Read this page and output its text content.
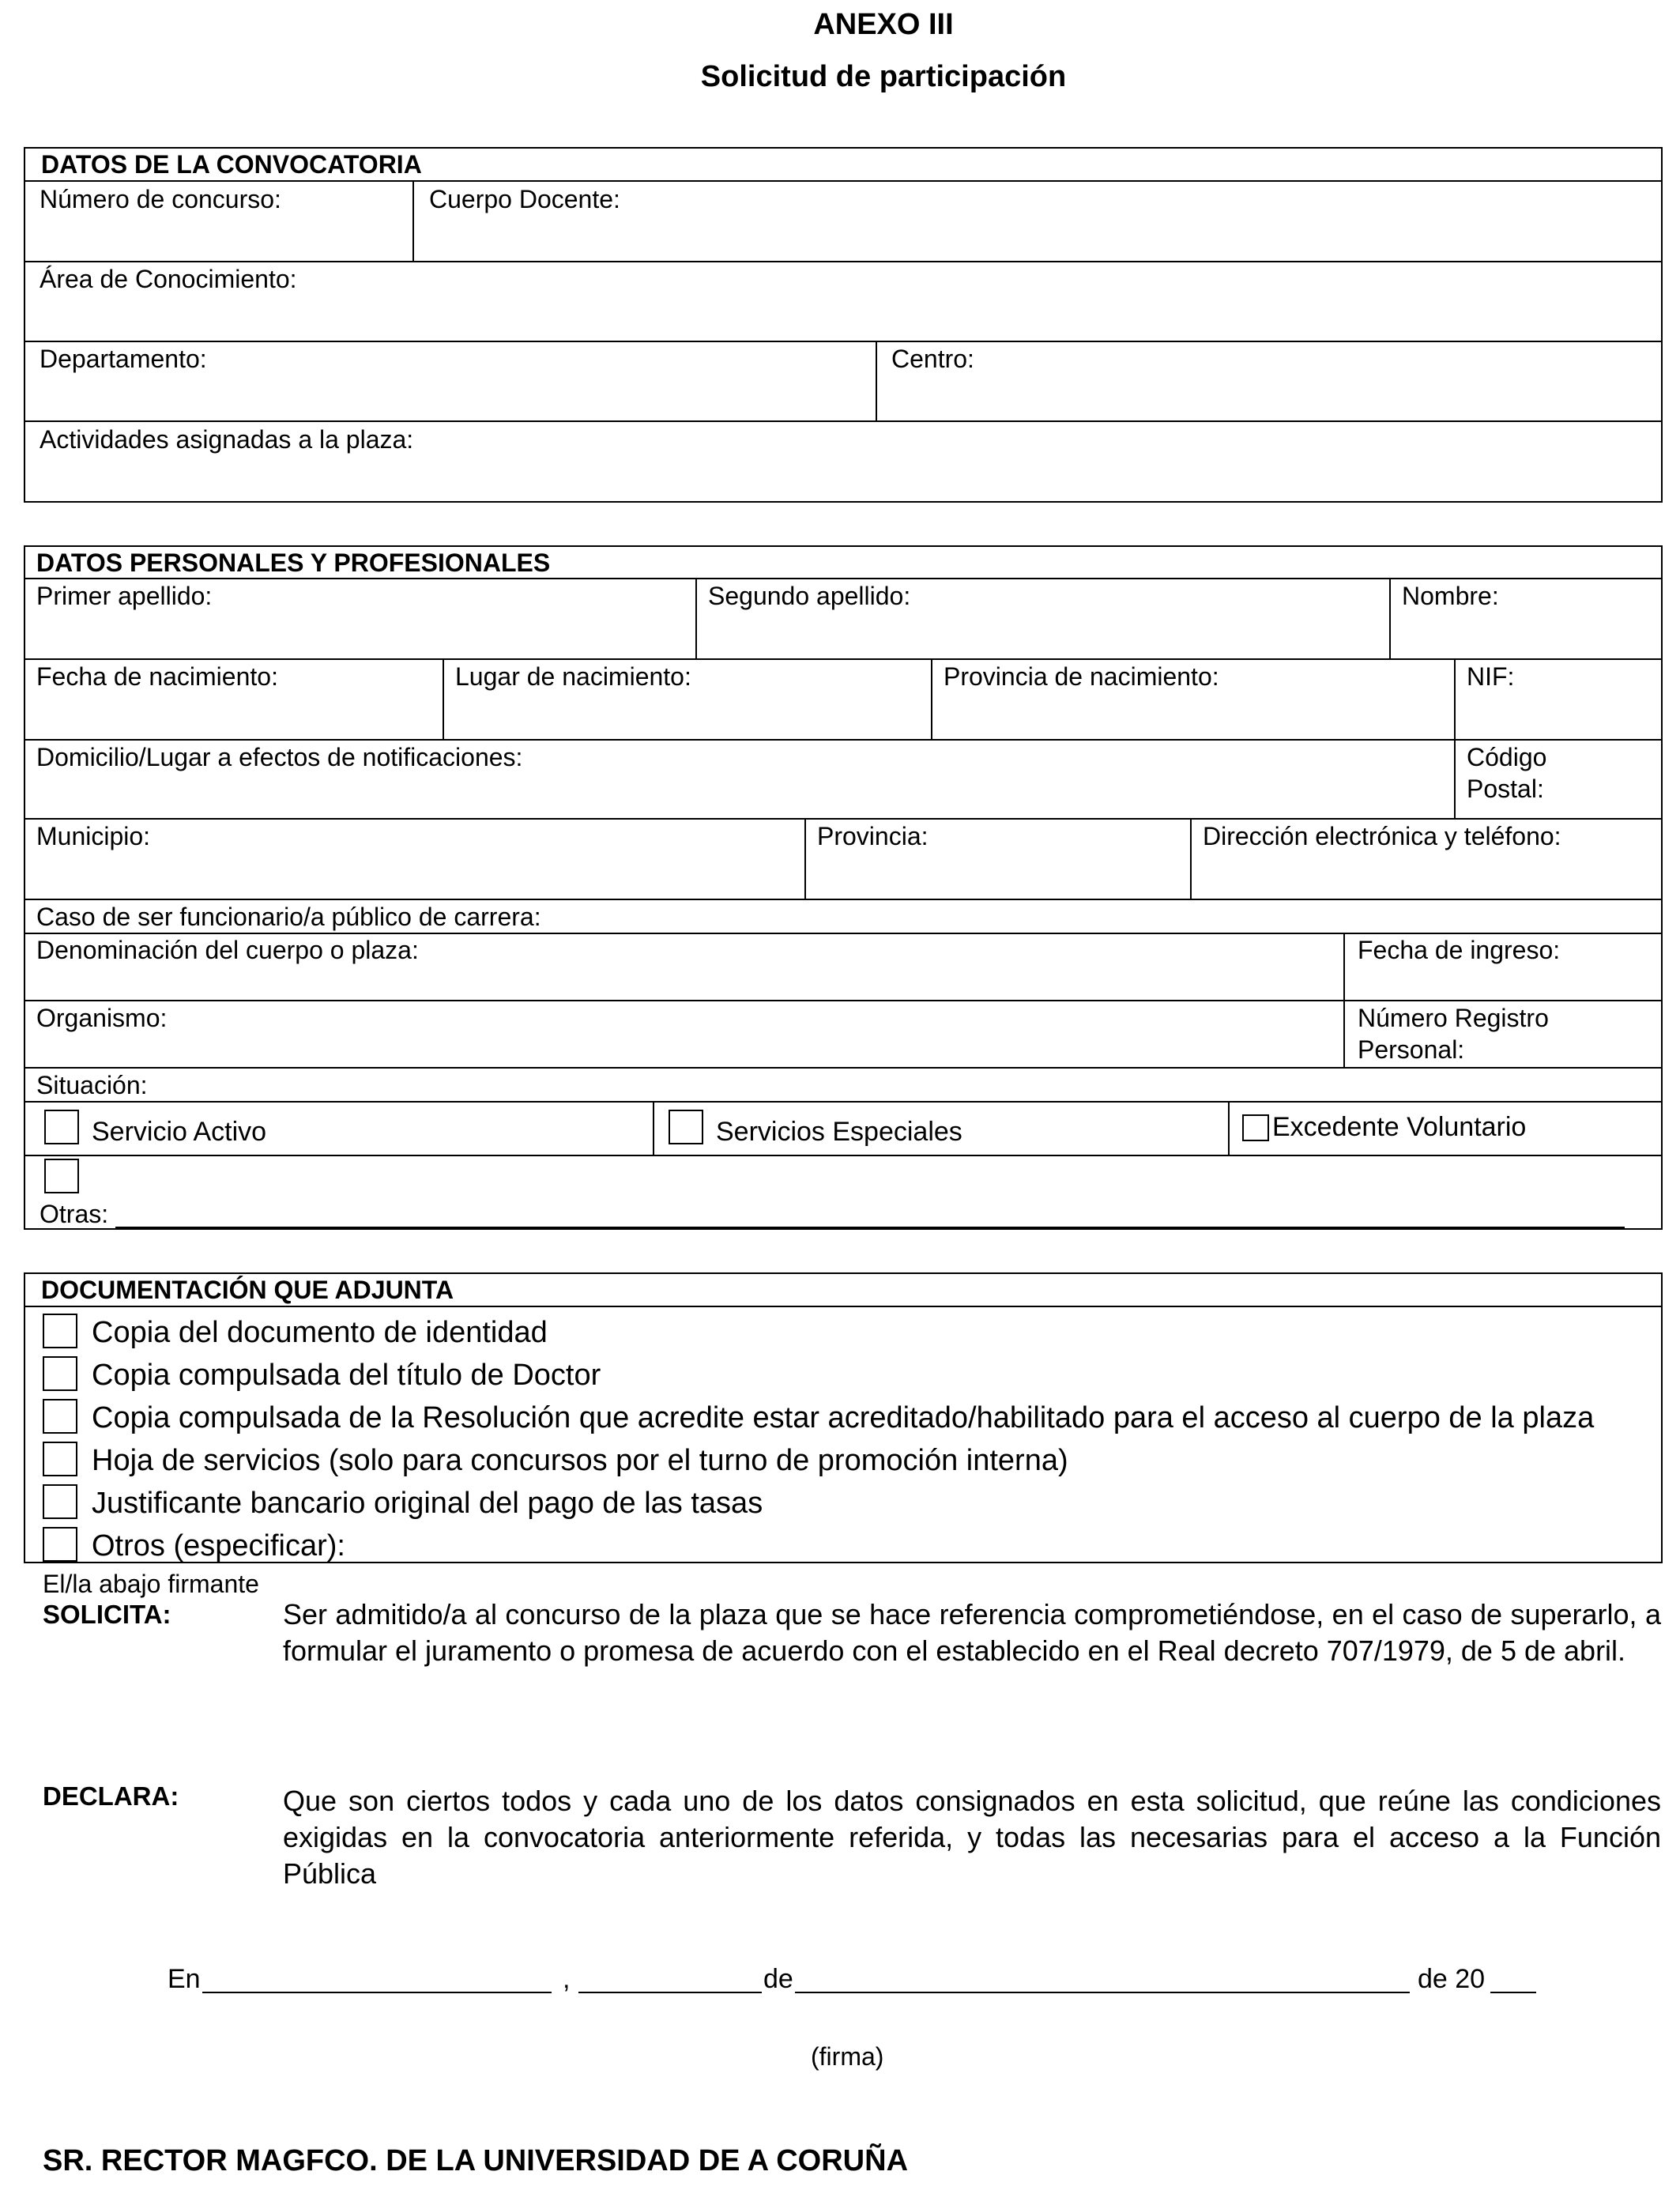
ANEXO III
Solicitud de participación
DATOS DE LA CONVOCATORIA
Número de concurso:	Cuerpo Docente:
Área de Conocimiento:
Departamento:	Centro:
Actividades asignadas a la plaza:
DATOS PERSONALES Y PROFESIONALES
Primer apellido:	Segundo apellido:	Nombre:
Fecha de nacimiento:	Lugar de nacimiento:	Provincia de nacimiento:	NIF:
Domicilio/Lugar a efectos de notificaciones:	Código
Postal:
Municipio:	Provincia:	Dirección electrónica y teléfono:
Caso de ser funcionario/a público de carrera:
Denominación del cuerpo o plaza:	Fecha de ingreso:
Organismo:	Número Registro
Personal:
Situación:
Servicio Activo	Servicios Especiales	Excedente Voluntario
Otras:
DOCUMENTACIÓN QUE ADJUNTA
Copia del documento de identidad
Copia compulsada del título de Doctor
Copia compulsada de la Resolución que acredite estar acreditado/habilitado para el acceso al cuerpo de la plaza
Hoja de servicios (solo para concursos por el turno de promoción interna)
Justificante bancario original del pago de las tasas
Otros (especificar):
El/la abajo firmante
SOLICITA:	Ser admitido/a al concurso de la plaza que se hace referencia comprometiéndose, en el caso de superarlo, a formular el juramento o promesa de acuerdo con el establecido en el Real decreto 707/1979, de 5 de abril.
DECLARA:	Que son ciertos todos y cada uno de los datos consignados en esta solicitud, que reúne las condiciones exigidas en la convocatoria anteriormente referida, y todas las necesarias para el acceso a la Función Pública
En	,	de	de 20
(firma)
SR. RECTOR MAGFCO. DE LA UNIVERSIDAD DE A CORUÑA
